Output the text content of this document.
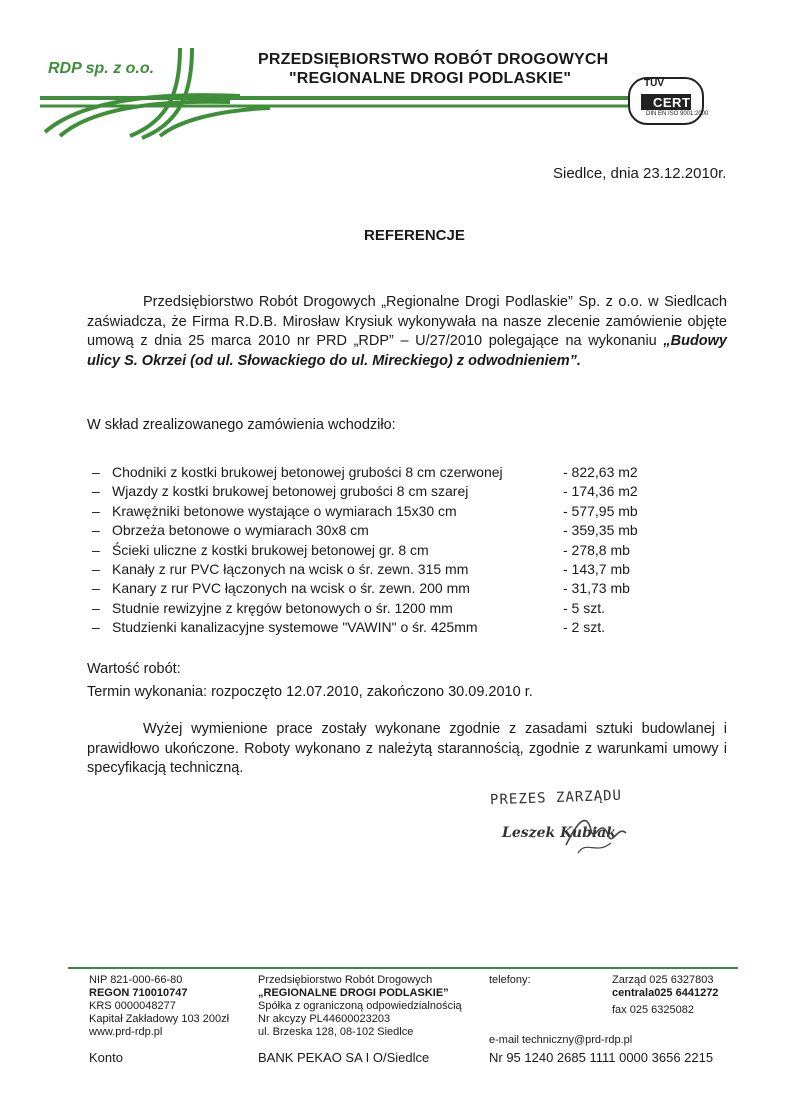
RDP sp. z o.o.
PRZEDSIĘBIORSTWO ROBÓT DROGOWYCH
"REGIONALNE DROGI PODLASKIE"	TÜV
CERT
DIN EN ISO 9001:2000
Siedlce, dnia 23.12.2010r.
REFERENCJE
Przedsiębiorstwo Robót Drogowych „Regionalne Drogi Podlaskie” Sp. z o.o. w Siedlcach zaświadcza, że Firma R.D.B. Mirosław Krysiuk wykonywała na nasze zlecenie zamówienie objęte umową z dnia 25 marca 2010 nr PRD „RDP” – U/27/2010 polegające na wykonaniu „Budowy ulicy S. Okrzei (od ul. Słowackiego do ul. Mireckiego) z odwodnieniem”.
W skład zrealizowanego zamówienia wchodziło:
– Chodniki z kostki brukowej betonowej grubości 8 cm czerwonej	- 822,63 m2
– Wjazdy z kostki brukowej betonowej grubości 8 cm szarej	- 174,36 m2
– Krawężniki betonowe wystające o wymiarach 15x30 cm	- 577,95 mb
– Obrzeża betonowe o wymiarach 30x8 cm	- 359,35 mb
– Ścieki uliczne z kostki brukowej betonowej gr. 8 cm	- 278,8 mb
– Kanały z rur PVC łączonych na wcisk o śr. zewn. 315 mm	- 143,7 mb
– Kanary z rur PVC łączonych na wcisk o śr. zewn. 200 mm	- 31,73 mb
– Studnie rewizyjne z kręgów betonowych o śr. 1200 mm	- 5 szt.
– Studzienki kanalizacyjne systemowe "VAWIN" o śr. 425mm	- 2 szt.
Wartość robót:
Termin wykonania: rozpoczęto 12.07.2010, zakończono 30.09.2010 r.
Wyżej wymienione prace zostały wykonane zgodnie z zasadami sztuki budowlanej i prawidłowo ukończone. Roboty wykonano z należytą starannością, zgodnie z warunkami umowy i specyfikacją techniczną.
PREZES ZARZĄDU
Leszek Kubiak
NIP 821-000-66-80
REGON 710010747
KRS 0000048277
Kapitał Zakładowy 103 200zł
www.prd-rdp.pl
Przedsiębiorstwo Robót Drogowych
„REGIONALNE DROGI PODLASKIE”
Spółka z ograniczoną odpowiedzialnością
Nr akcyzy PL44600023203
ul. Brzeska 128, 08-102 Siedlce
telefony:	Zarząd 025 6327803
centrala025 6441272
fax 025 6325082
e-mail techniczny@prd-rdp.pl
Konto	BANK PEKAO SA I O/Siedlce	Nr 95 1240 2685 1111 0000 3656 2215
